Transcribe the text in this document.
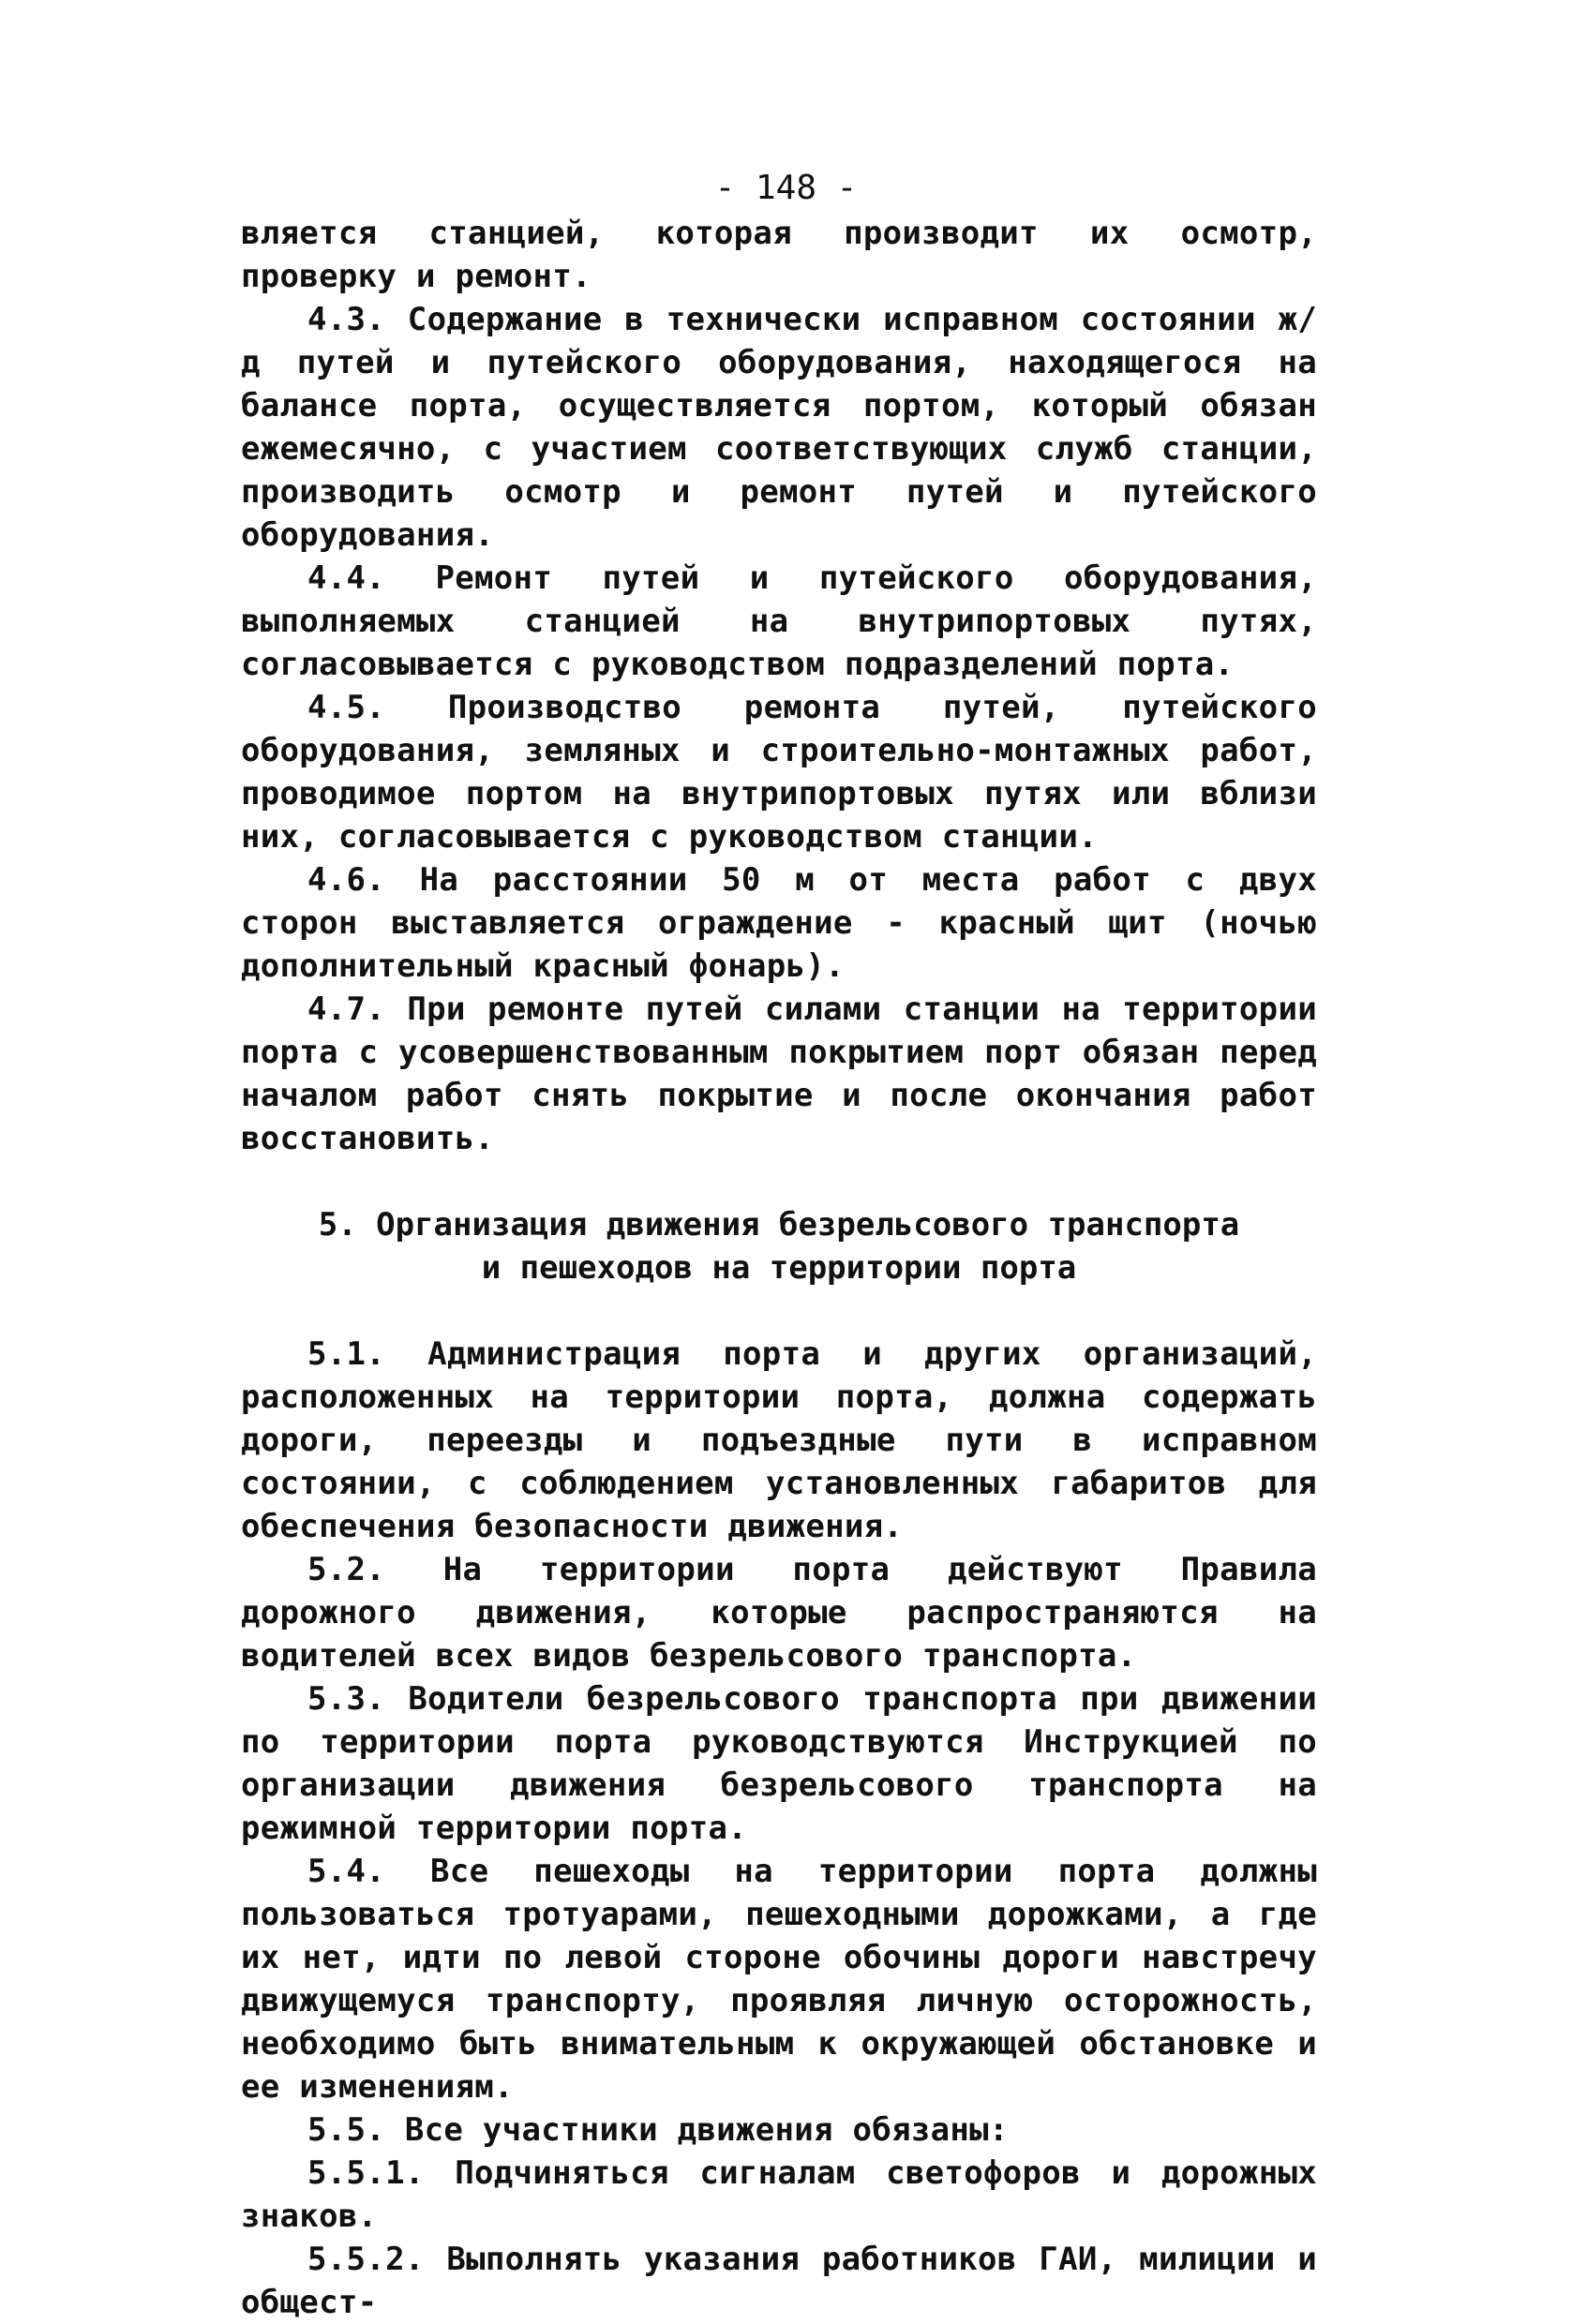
- 148 -

вляется станцией, которая производит их осмотр, проверку и ремонт.

4.3. Содержание в технически исправном состоянии ж/д путей и путейского оборудования, находящегося на балансе порта, осуществляется портом, который обязан ежемесячно, с участием соответствующих служб станции, производить осмотр и ремонт путей и путейского оборудования.

4.4. Ремонт путей и путейского оборудования, выполняемых станцией на внутрипортовых путях, согласовывается с руководством подразделений порта.

4.5. Производство ремонта путей, путейского оборудования, земляных и строительно-монтажных работ, проводимое портом на внутрипортовых путях или вблизи них, согласовывается с руководством станции.

4.6. На расстоянии 50 м от места работ с двух сторон выставляется ограждение - красный щит (ночью дополнительный красный фонарь).

4.7. При ремонте путей силами станции на территории порта с усовершенствованным покрытием порт обязан перед началом работ снять покрытие и после окончания работ восстановить.

5. Организация движения безрельсового транспорта
и пешеходов на территории порта

5.1. Администрация порта и других организаций, расположенных на территории порта, должна содержать дороги, переезды и подъездные пути в исправном состоянии, с соблюдением установленных габаритов для обеспечения безопасности движения.

5.2. На территории порта действуют Правила дорожного движения, которые распространяются на водителей всех видов безрельсового транспорта.

5.3. Водители безрельсового транспорта при движении по территории порта руководствуются Инструкцией по организации движения безрельсового транспорта на режимной территории порта.

5.4. Все пешеходы на территории порта должны пользоваться тротуарами, пешеходными дорожками, а где их нет, идти по левой стороне обочины дороги навстречу движущемуся транспорту, проявляя личную осторожность, необходимо быть внимательным к окружающей обстановке и ее изменениям.

5.5. Все участники движения обязаны:

5.5.1. Подчиняться сигналам светофоров и дорожных знаков.

5.5.2. Выполнять указания работников ГАИ, милиции и общест-
